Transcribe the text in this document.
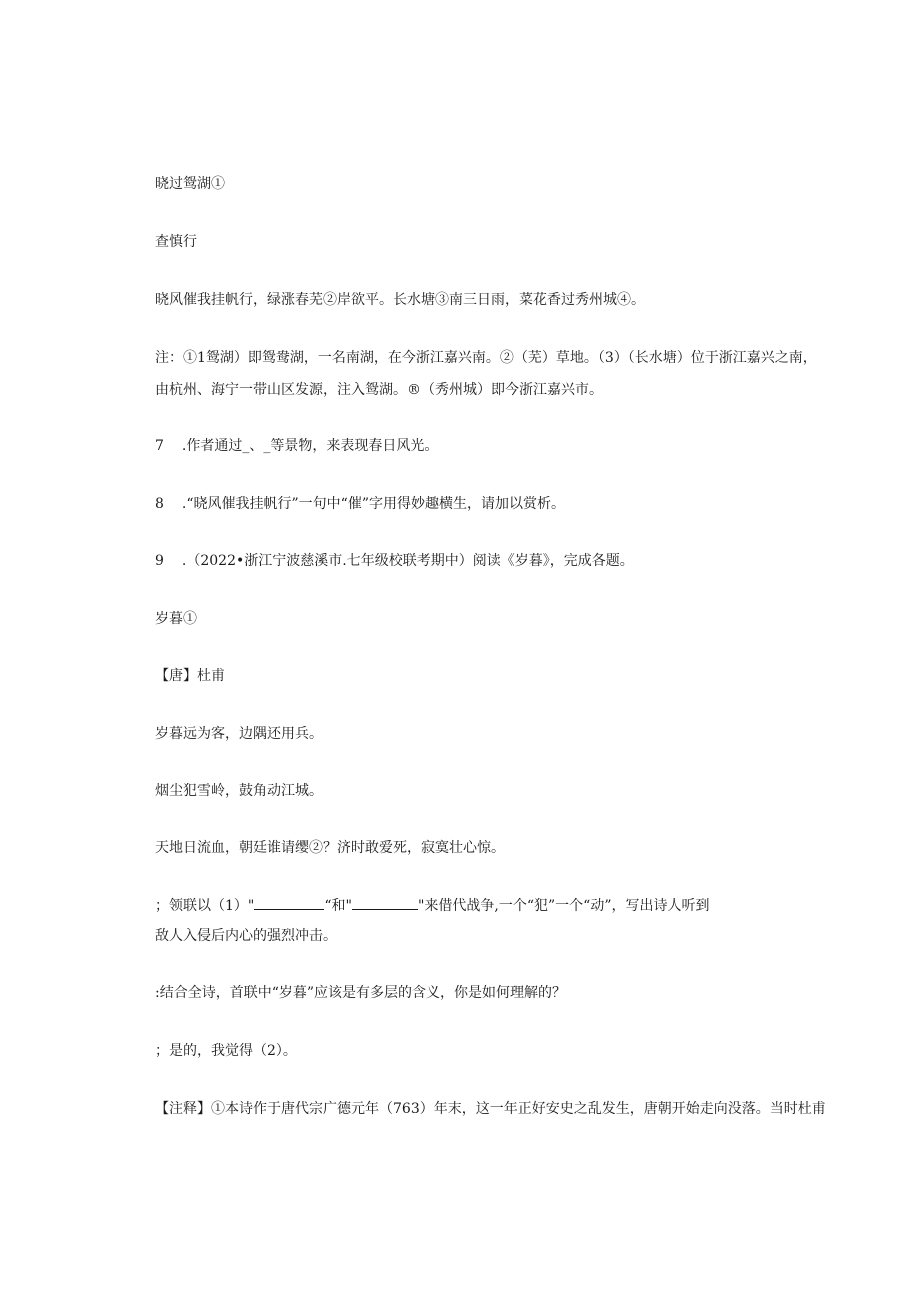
晓过鸳湖①
查慎行
晓风催我挂帆行，绿涨春芜②岸欲平。长水塘③南三日雨，菜花香过秀州城④。
注：①1鸳湖）即鸳鸯湖，一名南湖，在今浙江嘉兴南。②（芜）草地。（3）（长水塘）位于浙江嘉兴之南，
由杭州、海宁一带山区发源，注入鸳湖。®（秀州城）即今浙江嘉兴市。
7 .作者通过_、_等景物，来表现春日风光。
8 .“晓风催我挂帆行”一句中“催”字用得妙趣横生，请加以赏析。
9 .（2022•浙江宁波慈溪市.七年级校联考期中）阅读《岁暮》，完成各题。
岁暮①
【唐】杜甫
岁暮远为客，边隅还用兵。
烟尘犯雪岭，鼓角动江城。
天地日流血，朝廷谁请缨②？济时敢爱死，寂寞壮心惊。
；领联以（1）"	“和"	"来借代战争,一个“犯”一个“动”，写出诗人听到
敌人入侵后内心的强烈冲击。
:结合全诗，首联中“岁暮”应该是有多层的含义，你是如何理解的？
；是的，我觉得（2）。
【注释】①本诗作于唐代宗广德元年（763）年末，这一年正好安史之乱发生，唐朝开始走向没落。当时杜甫
